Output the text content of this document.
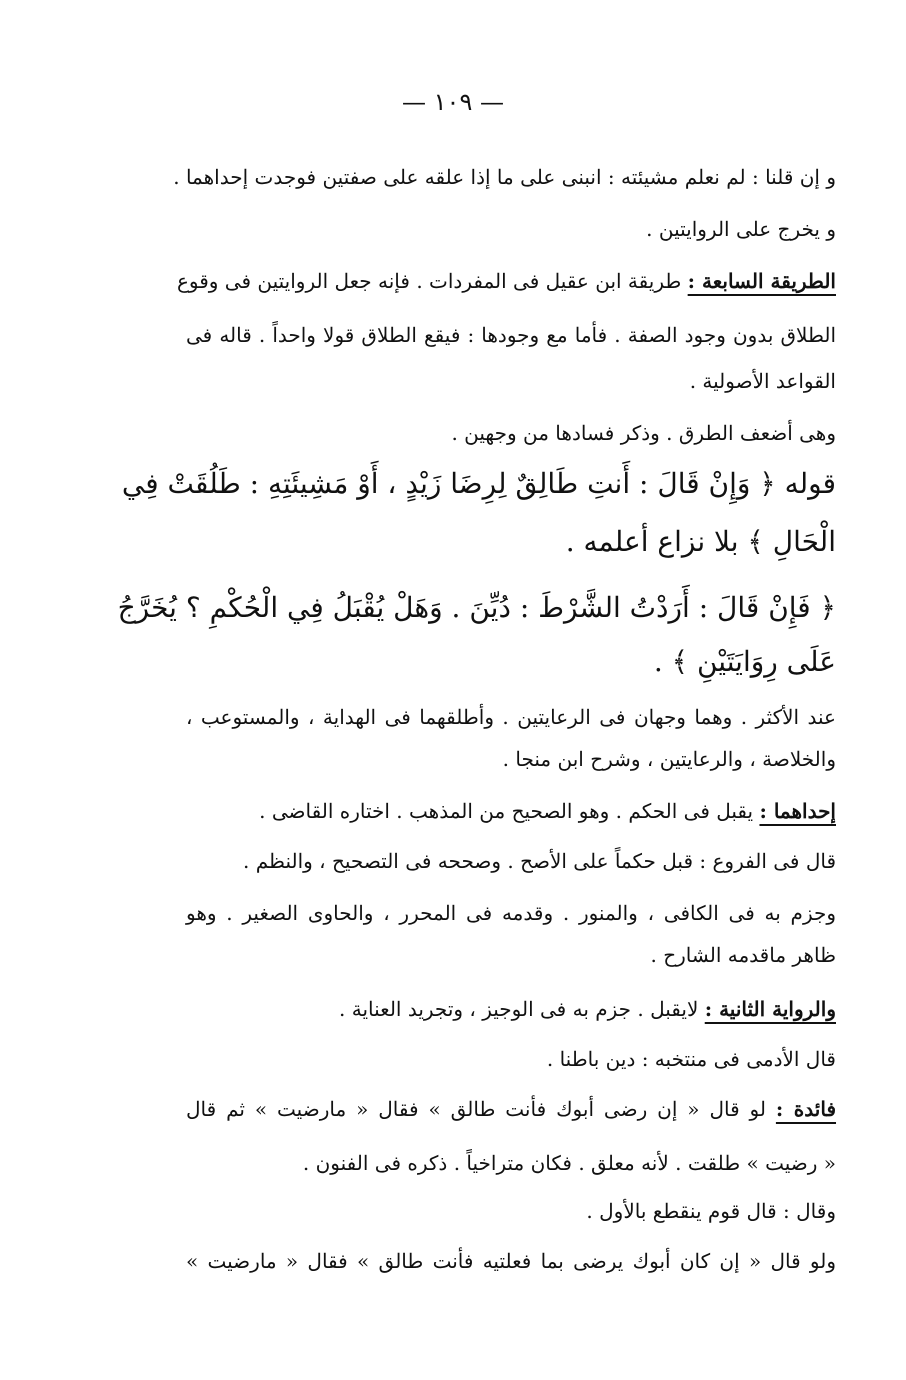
— ١٠٩ —
و إن قلنا : لم نعلم مشيئته : انبنى على ما إذا علقه على صفتين فوجدت إحداهما .
و يخرج على الروايتين .
الطريقة السابعة : طريقة ابن عقيل فى المفردات . فإنه جعل الروايتين فى وقوع
الطلاق بدون وجود الصفة . فأما مع وجودها : فيقع الطلاق قولا واحداً . قاله فى
القواعد الأصولية .
وهى أضعف الطرق . وذكر فسادها من وجهين .
قوله ﴿ وَإِنْ قَالَ : أَنتِ طَالِقٌ لِرِضَا زَيْدٍ ، أَوْ مَشِيئَتِهِ : طَلُقَتْ فِي
الْحَالِ ﴾ بلا نزاع أعلمه .
﴿ فَإِنْ قَالَ : أَرَدْتُ الشَّرْطَ : دُيِّنَ . وَهَلْ يُقْبَلُ فِي الْحُكْمِ ؟ يُخَرَّجُ
عَلَى رِوَايَتَيْنِ ﴾ .
عند الأكثر . وهما وجهان فى الرعايتين . وأطلقهما فى الهداية ، والمستوعب ،
والخلاصة ، والرعايتين ، وشرح ابن منجا .
إحداهما : يقبل فى الحكم . وهو الصحيح من المذهب . اختاره القاضى .
قال فى الفروع : قبل حكماً على الأصح . وصححه فى التصحيح ، والنظم .
وجزم به فى الكافى ، والمنور . وقدمه فى المحرر ، والحاوى الصغير . وهو
ظاهر ماقدمه الشارح .
والرواية الثانية : لايقبل . جزم به فى الوجيز ، وتجريد العناية .
قال الأدمى فى منتخبه : دين باطنا .
فائدة : لو قال « إن رضى أبوك فأنت طالق » فقال « مارضيت » ثم قال
« رضيت » طلقت . لأنه معلق . فكان متراخياً . ذكره فى الفنون .
وقال : قال قوم ينقطع بالأول .
ولو قال « إن كان أبوك يرضى بما فعلتيه فأنت طالق » فقال « مارضيت »
